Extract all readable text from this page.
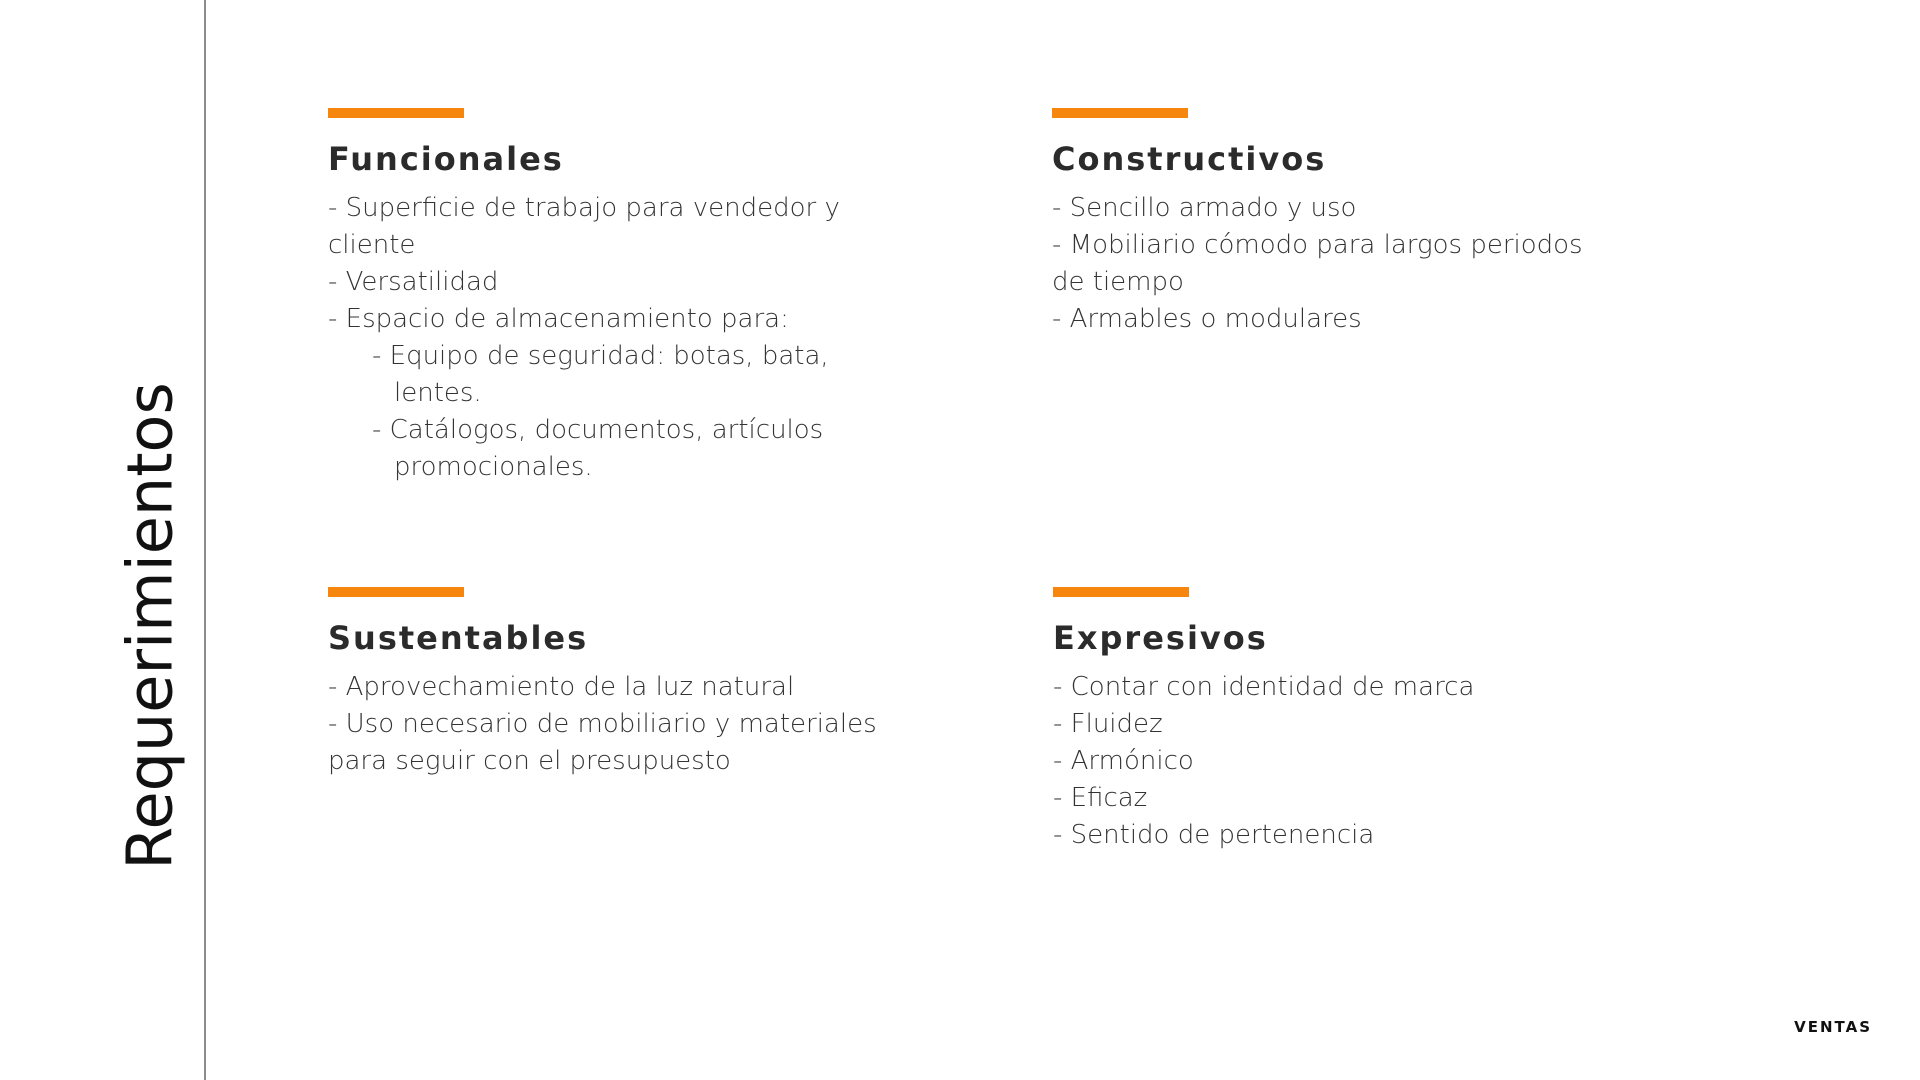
Requerimientos
Funcionales
- Superficie de trabajo para vendedor y
cliente
- Versatilidad
- Espacio de almacenamiento para:
- Equipo de seguridad: botas, bata,
lentes.
- Catálogos, documentos, artículos
promocionales.
Constructivos
- Sencillo armado y uso
- Mobiliario cómodo para largos periodos
de tiempo
- Armables o modulares
Sustentables
- Aprovechamiento de la luz natural
- Uso necesario de mobiliario y materiales
para seguir con el presupuesto
Expresivos
- Contar con identidad de marca
- Fluidez
- Armónico
- Eficaz
- Sentido de pertenencia
VENTAS
